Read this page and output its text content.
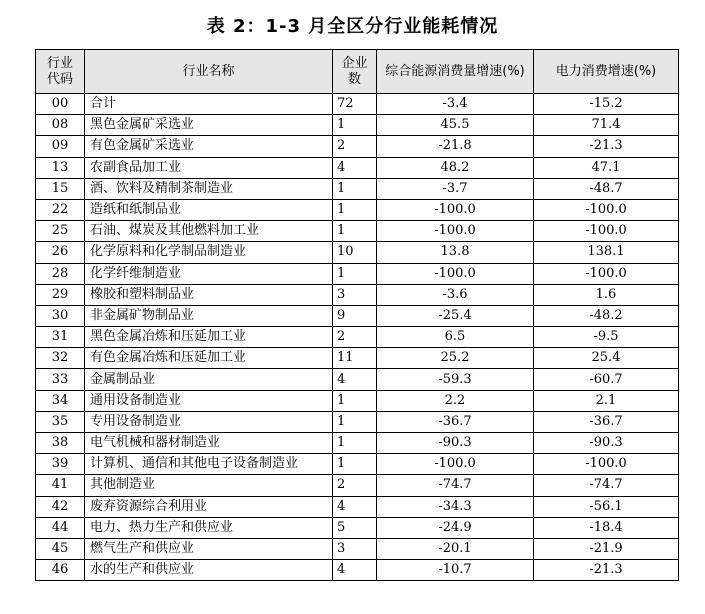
表 2：1-3 月全区分行业能耗情况
行业代码	行业名称	企业数	综合能源消费量增速(%)	电力消费增速(%)
00	合计	72	-3.4	-15.2
08	黑色金属矿采选业	1	45.5	71.4
09	有色金属矿采选业	2	-21.8	-21.3
13	农副食品加工业	4	48.2	47.1
15	酒、饮料及精制茶制造业	1	-3.7	-48.7
22	造纸和纸制品业	1	-100.0	-100.0
25	石油、煤炭及其他燃料加工业	1	-100.0	-100.0
26	化学原料和化学制品制造业	10	13.8	138.1
28	化学纤维制造业	1	-100.0	-100.0
29	橡胶和塑料制品业	3	-3.6	1.6
30	非金属矿物制品业	9	-25.4	-48.2
31	黑色金属冶炼和压延加工业	2	6.5	-9.5
32	有色金属冶炼和压延加工业	11	25.2	25.4
33	金属制品业	4	-59.3	-60.7
34	通用设备制造业	1	2.2	2.1
35	专用设备制造业	1	-36.7	-36.7
38	电气机械和器材制造业	1	-90.3	-90.3
39	计算机、通信和其他电子设备制造业	1	-100.0	-100.0
41	其他制造业	2	-74.7	-74.7
42	废弃资源综合利用业	4	-34.3	-56.1
44	电力、热力生产和供应业	5	-24.9	-18.4
45	燃气生产和供应业	3	-20.1	-21.9
46	水的生产和供应业	4	-10.7	-21.3
